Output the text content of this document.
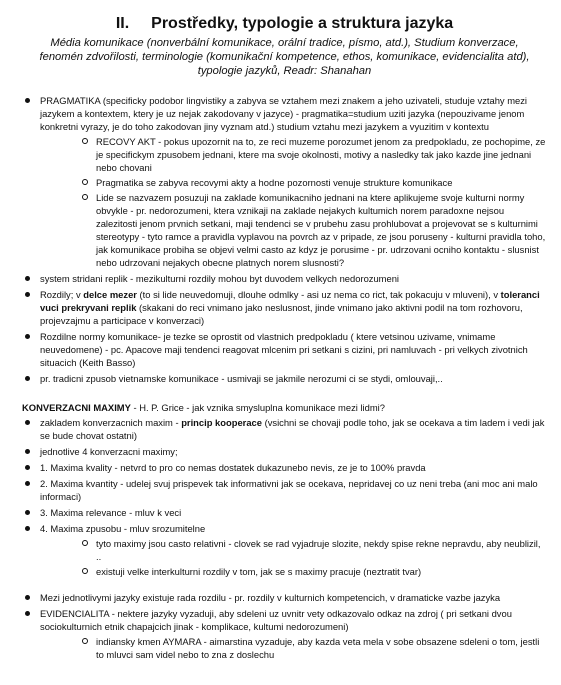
II. Prostředky, typologie a struktura jazyka
Média komunikace (nonverbální komunikace, orální tradice, písmo, atd.), Studium konverzace, fenomén zdvořilosti, terminologie (komunikační kompetence, ethos, komunikace, evidencialita atd), typologie jazyků, Readr: Shanahan
PRAGMATIKA (specificky podobor lingvistiky a zabyva se vztahem mezi znakem a jeho uzivateli, studuje vztahy mezi jazykem a kontextem, ktery je uz nejak zakodovany v jazyce) - pragmatika=studium uziti jazyka (nepouzivame jenom konkretni vyrazy, je do toho zakodovan jiny vyznam atd.) studium vztahu mezi jazykem a vyuzitim v kontextu
RECOVY AKT - pokus upozornit na to, ze reci muzeme porozumet jenom za predpokladu, ze pochopime, ze je specifickym zpusobem jednani, ktere ma svoje okolnosti, motivy a nasledky tak jako kazde jine jednani nebo chovani
Pragmatika se zabyva recovymi akty a hodne pozornosti venuje strukture komunikace
Lide se nazvazem posuzuji na zaklade komunikacniho jednani na ktere aplikujeme svoje kulturni normy obvykle - pr. nedorozumeni, ktera vznikaji na zaklade nejakych kultumich norem paradoxne nejsou zalezitosti jenom prvnich setkani, maji tendenci se v prubehu zasu prohlubovat a projevovat se s kulturnimi stereotypy - tyto ramce a pravidla vyplavou na povrch az v pripade, ze jsou poruseny - kulturni pravidla toho, jak komunikace probiha se objevi velmi casto az kdyz je porusime - pr. udrzovani ocniho kontaktu - slusnist nebo udrzovani nejakych obecne platnych norem slusnosti?
system stridani replik - mezikulturni rozdily mohou byt duvodem velkych nedorozumeni
Rozdily; v delce mezer (to si lide neuvedomuji, dlouhe odmlky - asi uz nema co rict, tak pokacuju v mluveni), v toleranci vuci prekryvani replik (skakani do reci vnimano jako neslusnost, jinde vnimano jako aktivni podil na tom rozhovoru, projevzajmu a participace v konverzaci)
Rozdilne normy komunikace- je tezke se oprostit od vlastnich predpokladu ( ktere vetsinou uzivame, vnimame neuvedomene) - pc. Apacove maji tendenci reagovat mlcenim pri setkani s cizini, pri namluvach - pri velkych zivotnich situacich (Keith Basso)
pr. tradicni zpusob vietnamske komunikace - usmivaji se jakmile nerozumi ci se stydi, omlouvaji,..
KONVERZACNI MAXIMY - H. P. Grice - jak vznika smysluplna komunikace mezi lidmi?
zakladem konverzacnich maxim - princip kooperace (vsichni se chovaji podle toho, jak se ocekava a tim ladem i vedi jak se bude chovat ostatni)
jednotlive 4 konverzacni maximy;
1. Maxima kvality - netvrd to pro co nemas dostatek dukazunebo nevis, ze je to 100% pravda
2. Maxima kvantity - udelej svuj prispevek tak informativni jak se ocekava, nepridavej co uz neni treba (ani moc ani malo informaci)
3. Maxima relevance - mluv k veci
4. Maxima zpusobu - mluv srozumitelne
tyto maximy jsou casto relativni - clovek se rad vyjadruje slozite, nekdy spise rekne nepravdu, aby neublizil, ..
existuji velke interkulturni rozdily v tom, jak se s maximy pracuje (neztratit tvar)
Mezi jednotlivymi jazyky existuje rada rozdilu - pr. rozdily v kulturnich kompetencich, v dramaticke vazbe jazyka
EVIDENCIALITA - nektere jazyky vyzaduji, aby sdeleni uz uvnitr vety odkazovalo odkaz na zdroj ( pri setkani dvou sociokulturnich etnik chapajcich jinak - komplikace, kultumi nedorozumeni)
indiansky kmen AYMARA - aimarstina vyzaduje, aby kazda veta mela v sobe obsazene sdeleni o tom, jestli to mluvci sam videl nebo to zna z doslechu
